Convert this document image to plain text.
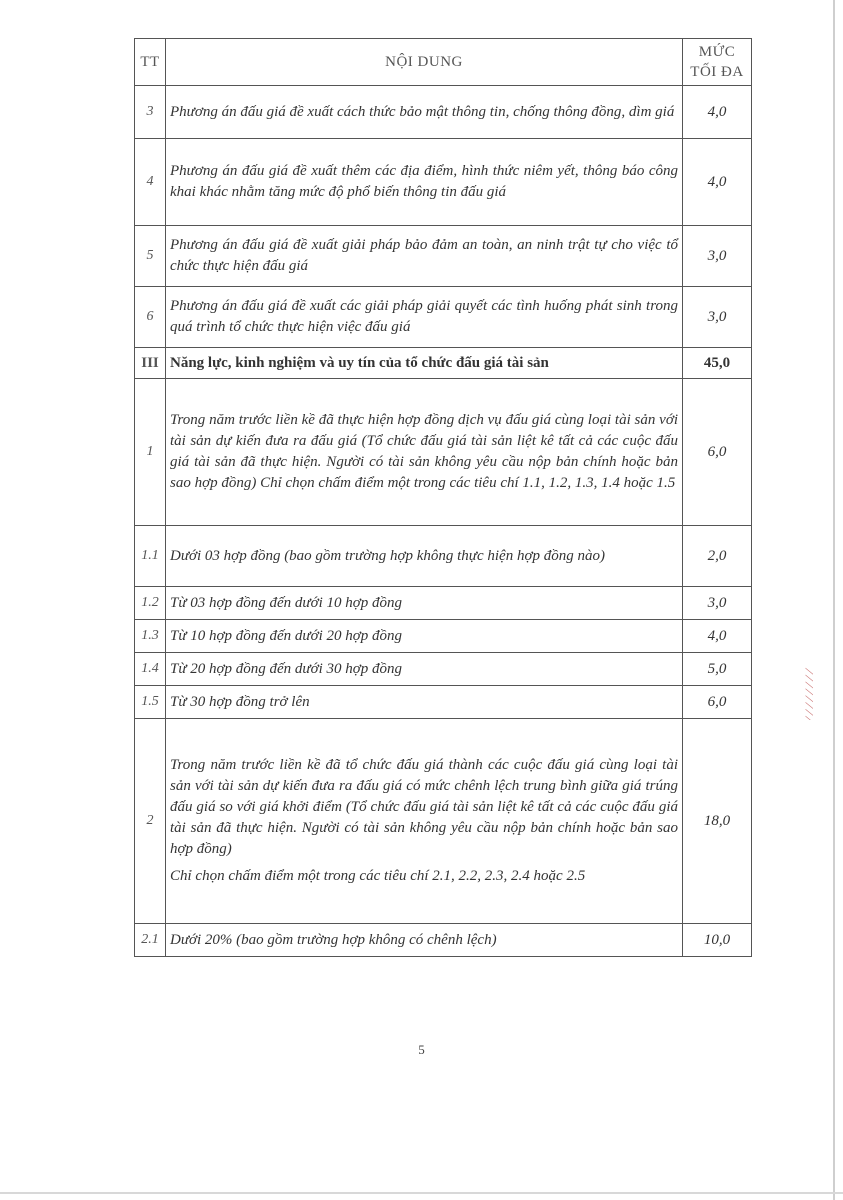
TT	NỘI DUNG	MỨC
TỐI ĐA
3	Phương án đấu giá đề xuất cách thức bảo mật thông tin, chống thông đồng, dìm giá	4,0
4	Phương án đấu giá đề xuất thêm các địa điểm, hình thức niêm yết, thông báo công khai khác nhằm tăng mức độ phổ biến thông tin đấu giá	4,0
5	Phương án đấu giá đề xuất giải pháp bảo đảm an toàn, an ninh trật tự cho việc tổ chức thực hiện đấu giá	3,0
6	Phương án đấu giá đề xuất các giải pháp giải quyết các tình huống phát sinh trong quá trình tổ chức thực hiện việc đấu giá	3,0
III	Năng lực, kinh nghiệm và uy tín của tổ chức đấu giá tài sản	45,0
1	Trong năm trước liền kề đã thực hiện hợp đồng dịch vụ đấu giá cùng loại tài sản với tài sản dự kiến đưa ra đấu giá (Tổ chức đấu giá tài sản liệt kê tất cả các cuộc đấu giá tài sản đã thực hiện. Người có tài sản không yêu cầu nộp bản chính hoặc bản sao hợp đồng) Chỉ chọn chấm điểm một trong các tiêu chí 1.1, 1.2, 1.3, 1.4 hoặc 1.5	6,0
1.1	Dưới 03 hợp đồng (bao gồm trường hợp không thực hiện hợp đồng nào)	2,0
1.2	Từ 03 hợp đồng đến dưới 10 hợp đồng	3,0
1.3	Từ 10 hợp đồng đến dưới 20 hợp đồng	4,0
1.4	Từ 20 hợp đồng đến dưới 30 hợp đồng	5,0
1.5	Từ 30 hợp đồng trở lên	6,0
2	Trong năm trước liền kề đã tổ chức đấu giá thành các cuộc đấu giá cùng loại tài sản với tài sản dự kiến đưa ra đấu giá có mức chênh lệch trung bình giữa giá trúng đấu giá so với giá khởi điểm (Tổ chức đấu giá tài sản liệt kê tất cả các cuộc đấu giá tài sản đã thực hiện. Người có tài sản không yêu cầu nộp bản chính hoặc bản sao hợp đồng)

Chỉ chọn chấm điểm một trong các tiêu chí 2.1, 2.2, 2.3, 2.4 hoặc 2.5	18,0
2.1	Dưới 20% (bao gồm trường hợp không có chênh lệch)	10,0
5
⁄ ⁄ ⁄ ⁄ ⁄ ⁄ ⁄ ⁄
